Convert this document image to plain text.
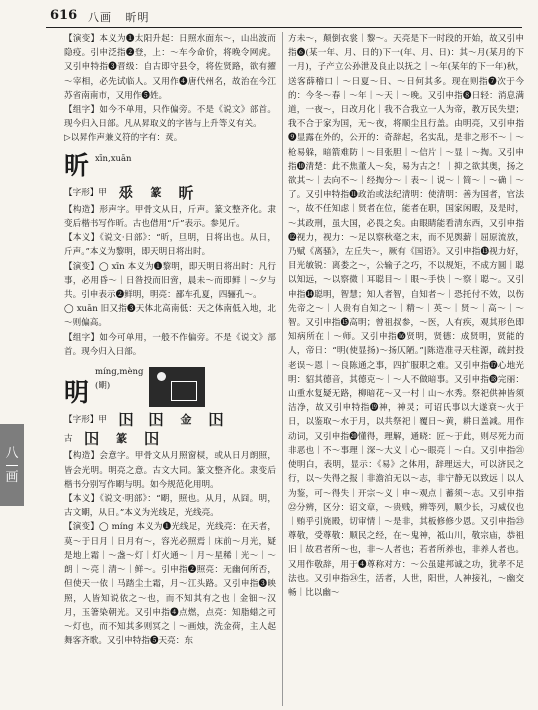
616 八画 昕明
八
画

【演变】本义为❶太阳升起：日照水面东～，山出波而隐疫。引申泛指❷登，上：～车今命价，将晚令网虎。又引申特指❸晋级：自古即守县令，将佐贤路，欲有擢～宰相，必先试临人。又用作❹唐代州名，故治在今江苏省南南市，又用作❺姓。

【组字】如今不单用，只作偏旁。不是《说文》部首。现今归入日部。凡从昇取义的字皆与上升等义有关。

▷以昇作声兼义符的字有：烎。

昕 xīn,xuān
【字形】甲 𠂹	篆	昕

【构造】形声字。甲骨文从日，斤声。篆文整齐化。隶变后楷书写作昕。古也借用“斤”表示。参见斤。

【本义】《说文·日部》：“昕，旦明，日将出也。从日，斤声。”本义为黎明，即天明日将出时。

【演变】◯ xīn 本义为❶黎明，即天明日将出时：凡行事，必用昏～｜日昝投而旧啻，晨未～而即鲜｜～夕与共。引申表示❷鲜明，明亮：鄙车孔夏，四骊孔～。

◯ xuān 旧又指❸天体北高南低：天之体南低入地，北～则偏高。

【组字】如今可单用，一般不作偏旁。不是《说文》部首。现今归入日部。

明
míng,mèng
(朙)
【字形】甲 𡆥 𡆥	金	𡆥
古 𡆥	篆	𡆥

【构造】会意字。甲骨文从月照窗棂，或从日月朗照，皆会光明。明亮之意。古文大同。篆文整齐化。隶变后楷书分别写作朙与明。如今规范化用明。

【本义】《说文·明部》：“朙，照也。从月，从囧。明，古文朙，从日。”本义为光线足，光线亮。

【演变】◯ míng 本义为❶光线足，光线亮：在天者，莫～于日月｜日月有～，容光必照焉｜床前～月光，疑是地上霜｜～盏～灯｜灯火通～｜月～星稀｜光～｜～朗｜～亮｜清～｜鲜～。引申指❷照亮：无幽何所否，但使天一依｜马踏尘土霜，月～江头路。又引申指❸映照，人皆知说依之～也，而不知其有之也｜金钿～汉月，玉箸染朝光。又引申指❹点燃，点亮：知脂蜡之可～灯也，而不知其多则冥之｜～画烛，洗金荷，主人起舞客齐歌。又引申特指❺天亮：东

方未～，颠倒衣裳｜黎～。天亮是下一时段的开始，故又引申指❻(某一年、月、日的)下一(年、月、日)：其～月(某月的下一月)，子产立公孙泄及良止以抚之｜～年(某年的下一年)秋，送客薛稽口｜～日夏～日、～日何其多。现在则指❼次于今的：今冬～春｜～年｜～天｜～晚。又引申指❽日轻：消息满道，一夜～，日改月化｜我不合我立一人为帝，教万民失望；我不合于家为国，无～夜，将顺尘且行盖。由明亮，又引申指❾显露在外的，公开的：奇辞起，名实乱，是非之形不～｜～枪易躲，暗箭难防｜～目张胆｜～信片｜～显｜～掏。又引申指❿清楚：此不焦董人～矣，易为古之！｜抑之欲其奥，扬之欲其～｜去向不～｜经掏分～｜表～｜说～｜简～｜～确｜～了。又引申特指⓫政治或法纪清明：使清明：善为国者，官法～，故不任知虑｜贤者在位，能者在职，国家闲暇，及是时，～其政刑，虽大国，必畏之矣。由眼睛能看清东西，又引申指⓬视力，视力：～足以察秋毫之末，而不见舆薪｜屈原流放，乃赋《离骚》，左丘失～，厥有《国语》。又引申指⓭视力好，目光敏锐：离娄之～，公输子之巧，不以规矩，不成方圆｜聪以知远，～以察微｜耳聪目～｜眼～手快｜～察｜聪～。又引申指⓮聪明，智慧；知人者智，自知者～｜恐托付不效，以伤先帝之～｜人贵有自知之～｜精～｜英～｜贤～｜高～｜～智。又引申指⓯高明；曾祖叔参，～医，人有疾，观其形色即知病所在｜～师。又引申指⓰贤明，贤德：成贤明，贤能的人，帝日：“明(使显扬)～扬仄陋。”|陈造准寻天柱源，疏封投老误～恩｜～良陈通之事，四扩服职之难。又引申指⓱心地光明：貂其德音，其德克～｜～人不做暗事。又引申指⓲完丽：山重水复疑无路，柳暗花～又一村｜山～水秀。祭祀供神皆须洁净，故又引申特指⓳神，神灵；可诏氏事以大遂衰～火于日，以鉴取～水于月，以共祭祀｜覆日～黄，耕日盖减。用作动词，又引申指⓴懂得，理解，通晓：匠～于此，则尽死力而非恶也｜不～事理｜深～大义｜心～眼亮｜～白。又引申指㉑使明白，表明，显示：《易》之体用，辞理远大，可以济民之行，以～失得之报｜非澹泊无以～志，非宁静无以致远｜以人为鉴，可～得失｜开宗～义｜申～观点｜蓄须～志。又引申指㉒分辨，区分：诏文章，～贵贱，辨等列，顺少长，习威仪也｜贿乎引旄殿，切审情｜～是非，其板修修少恩。又引申指㉓尊敬，受尊敬：顺民之经，在～鬼神，祗山川，敬宗庙，恭祖旧｜故君者所～也，非～人者也；若者所养也，非养人者也。又用作敬辞，用于❹尊称对方：～公虽建邦诚之功，犹孝不足法也。又引申指㉔生，活者，人世，阳世，人神接礼，～幽交畅｜比以幽～
